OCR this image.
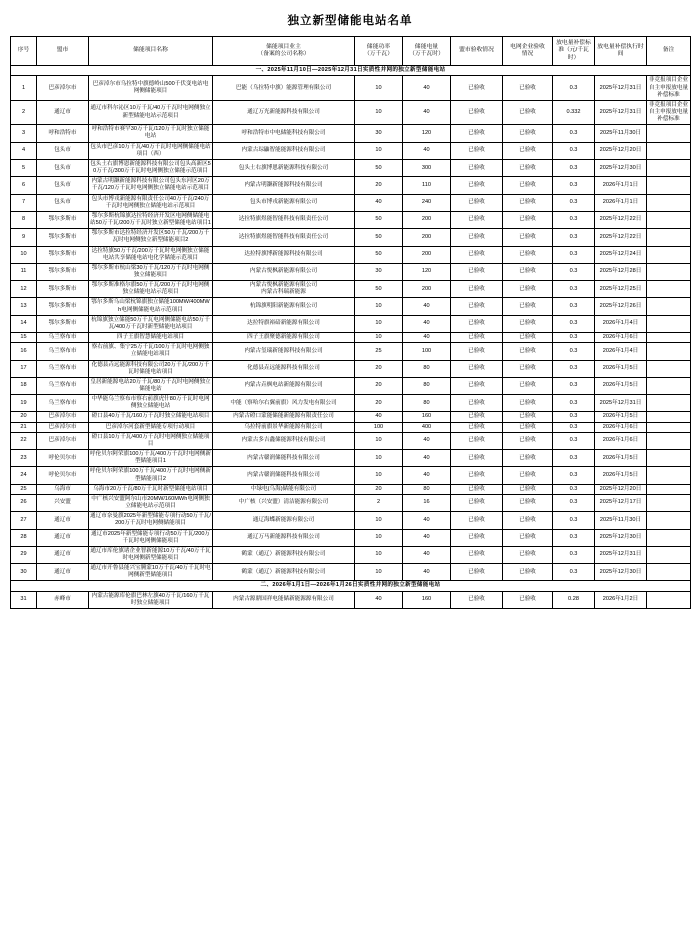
独立新型储能电站名单
序号	盟市	储能项目名称	储能项目业主
（备案的公司名称）	储能功率
（万千瓦）	储能电量
（万千瓦时）	盟市验收情况	电网企业验收
情况	放电量补偿标准（元/千瓦时）	放电量补偿执行时间	备注
一、2025年11月10日—2025年12月31日实质性并网的独立新型储能电站										
1	巴彦淖尔市	巴彦淖尔市乌拉特中旗德岭山500千伏变电站电网侧储能项目	巴能（乌拉特中旗）能源管理有限公司	10	40	已验收	已验收	0.3	2025年12月31日	非竞报项目企业自主申报放电量补偿标准
2	通辽市	通辽市科尔沁区10万千瓦/40万千瓦时电网侧独立新型储能电站示范项目	通辽万光新能源科技有限公司	10	40	已验收	已验收	0.332	2025年12月31日	非竞报项目企业自主申报放电量补偿标准
3	呼和浩特市	呼和浩特市赛罕30万千瓦/120万千瓦时独立储能电站	呼和浩特市中电储能科技有限公司	30	120	已验收	已验收	0.3	2025年11月30日	
4	包头市	包头市巴彦10万千瓦/40万千瓦时电网侧储能电站项目（西）	内蒙古琮鼬智能能源科技有限公司	10	40	已验收	已验收	0.3	2025年12月20日	
5	包头市	包头土右旗博恩新能源科技有限公司包头高新区50万千瓦/300万千瓦时电网侧独立储能示范项目	包头土右旗博恩新能源科技有限公司	50	300	已验收	已验收	0.3	2025年12月30日	
6	包头市	内蒙古明灏新能源科技有限公司包头东河区20万千瓦/120万千瓦时电网侧独立储能电站示范项目	内蒙古明灏新能源科技有限公司	20	110	已验收	已验收	0.3	2026年1月1日	
7	包头市	包头市博戎新能源有限责任公司40万千瓦/240万千瓦时电网侧独立储能电站示范项目	包头市博戎新能源有限公司	40	240	已验收	已验收	0.3	2026年1月1日	
8	鄂尔多斯市	鄂尔多斯杭锦旗达拉特经济开发区电网侧储能电站50万千瓦/200万千瓦时独立新型储能电站项目1	达拉特旗煜能智能科技有限责任公司	50	200	已验收	已验收	0.3	2025年12月22日	
9	鄂尔多斯市	鄂尔多斯市达拉特经济开发区50万千瓦/200万千瓦时电网侧独立新型储能项目2	达拉特旗煜能智能科技有限责任公司	50	200	已验收	已验收	0.3	2025年12月22日	
10	鄂尔多斯市	达拉特旗50万千瓦/200万千瓦时电网侧独立储能电站共享储能电站电化学储能示范项目	达拉特旗博新能源科技有限公司	50	200	已验收	已验收	0.3	2025年12月24日	
11	鄂尔多斯市	鄂尔多斯市杭山梁30万千瓦/120万千瓦时电网侧独立储能项目	内蒙古悦枫新能源有限公司	30	120	已验收	已验收	0.3	2025年12月28日	
12	鄂尔多斯市	鄂尔多斯准格尔旗50万千瓦/200万千瓦时电网侧独立储能电站示范项目	内蒙古悦枫新能源有限公司
内蒙古科瑞新能源	50	200	已验收	已验收	0.3	2025年12月25日	
13	鄂尔多斯市	鄂尔多斯乌山梁杭锦旗独立储能100MW/400MWh电网侧储能电站示范项目	杭锦旗明阳新能源有限公司	10	40	已验收	已验收	0.3	2025年12月26日	
14	鄂尔多斯市	杭锦旗独立储能50万千瓦电网侧储能电站50万千瓦/400万千瓦时新型储能电站项目	达拉特旗裕碚新能源有限公司	10	40	已验收	已验收	0.3	2026年1月4日	
15	乌兰察布市	四子王旗智慧储能电站项目	四子王旗聚德新能源有限公司	10	40	已验收	已验收	0.3	2026年1月6日	
16	乌兰察布市	察右前旗、集宁25万千瓦/100万千瓦时电网侧独立储能电站项目	内蒙古玺瑞新能源科技有限公司	25	100	已验收	已验收	0.3	2026年1月4日	
17	乌兰察布市	化德县垚远能源科技有限公司20万千瓦/200万千瓦时储能电站项目	化德县垚远能源科技有限公司	20	80	已验收	已验收	0.3	2026年1月5日	
18	乌兰察布市	皇居新能源电站20万千瓦/80万千瓦时电网侧独立储能电站	内蒙古垚枫电站新能源有限公司	20	80	已验收	已验收	0.3	2026年1月5日	
19	乌兰察布市	中华能乌兰察布市察右前旗虎什80万千瓦时电网侧独立储能电站	中能（察哈尔右翼前旗）风力发电有限公司	20	80	已验收	已验收	0.3	2025年12月31日	
20	巴彦淖尔市	磴口县40万千瓦/160万千瓦时独立储能电站项目	内蒙古磴口蒙能储能新能源有限责任公司	40	160	已验收	已验收	0.3	2026年1月5日	
21	巴彦淖尔市	巴彦淖尔河套新型储能专项行动项目	乌拉特前旗景华新能源有限公司	100	400	已验收	已验收	0.3	2026年1月6日	
22	巴彦淖尔市	磴口县10万千瓦/400万千瓦时电网侧独立储能项目	内蒙古多吉鑫储能源科技有限公司	10	40	已验收	已验收	0.3	2026年1月6日	
23	呼伦贝尔市	呼伦贝尔阿荣旗100万千瓦/400万千瓦时电网侧新型储能项目1	内蒙古赣润储能科技有限公司	10	40	已验收	已验收	0.3	2026年1月5日	
24	呼伦贝尔市	呼伦贝尔阿荣旗100万千瓦/400万千瓦时电网侧新型储能项目2	内蒙古赣润储能科技有限公司	10	40	已验收	已验收	0.3	2026年1月5日	
25	乌海市	乌海市20万千瓦/80万千瓦时新型储能电站项目	中绿电(乌海)储能有限公司	20	80	已验收	已验收	0.3	2025年12月20日	
26	兴安盟	中广核兴安盟阿尔山市20MW/160MWh电网侧独立储能电站示范项目	中广核（兴安盟）清洁能源有限公司	2	16	已验收	已验收	0.3	2025年12月17日	
27	通辽市	通辽市奈曼旗2025年新型储能专项行动50万千瓦/200万千瓦时电网侧储能项目	通辽海蝶新能源有限公司	10	40	已验收	已验收	0.3	2025年11月30日	
28	通辽市	通辽市2025年新型储能专项行动50万千瓦/200万千瓦时电网侧储能项目	通辽万马新能源科技有限公司	10	40	已验收	已验收	0.3	2025年12月30日	
29	通辽市	通辽市库伦旗诸企业智新能源10万千瓦/40万千瓦时电网侧新型储能项目	鹤蒙（通辽）新能源科技有限公司	10	40	已验收	已验收	0.3	2025年12月31日	
30	通辽市	通辽市开鲁县能兴宝腾蒙10万千瓦/40万千瓦时电网侧新型储能项目	鹤蒙（通辽）新能源科技有限公司	10	40	已验收	已验收	0.3	2025年12月30日	
二、2026年1月1日—2026年1月26日实质性并网的独立新型储能电站										
31	赤峰市	内蒙古能源库伦旗巴林左旗40万千瓦/160万千瓦时独立储能项目	内蒙古源鼎国祥电能储新能源源有限公司	40	160	已验收	已验收	0.28	2026年1月2日	
